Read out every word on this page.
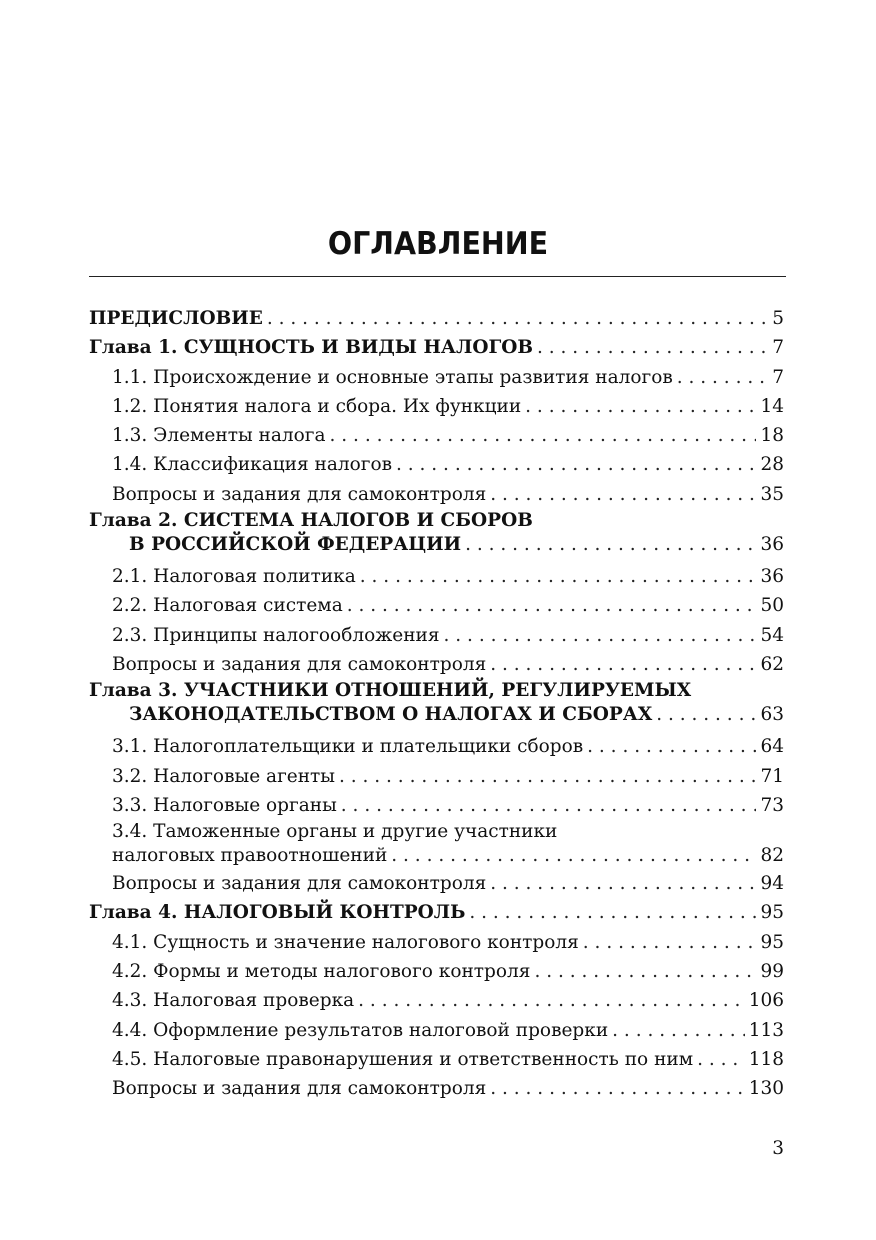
ОГЛАВЛЕНИЕ
ПРЕДИСЛОВИЕ . . .	5
Глава 1. СУЩНОСТЬ И ВИДЫ НАЛОГОВ . . .	7
1.1. Происхождение и основные этапы развития налогов . . .	7
1.2. Понятия налога и сбора. Их функции . . .	14
1.3. Элементы налога . . .	18
1.4. Классификация налогов . . .	28
Вопросы и задания для самоконтроля . . .	35
Глава 2. СИСТЕМА НАЛОГОВ И СБОРОВ
В РОССИЙСКОЙ ФЕДЕРАЦИИ . . .	36
2.1. Налоговая политика . . .	36
2.2. Налоговая система . . .	50
2.3. Принципы налогообложения . . .	54
Вопросы и задания для самоконтроля . . .	62
Глава 3. УЧАСТНИКИ ОТНОШЕНИЙ, РЕГУЛИРУЕМЫХ
ЗАКОНОДАТЕЛЬСТВОМ О НАЛОГАХ И СБОРАХ . . .	63
3.1. Налогоплательщики и плательщики сборов . . .	64
3.2. Налоговые агенты . . .	71
3.3. Налоговые органы . . .	73
3.4. Таможенные органы и другие участники
налоговых правоотношений . . .	82
Вопросы и задания для самоконтроля . . .	94
Глава 4. НАЛОГОВЫЙ КОНТРОЛЬ . . .	95
4.1. Сущность и значение налогового контроля . . .	95
4.2. Формы и методы налогового контроля . . .	99
4.3. Налоговая проверка . . .	106
4.4. Оформление результатов налоговой проверки . . .	113
4.5. Налоговые правонарушения и ответственность по ним . . .	118
Вопросы и задания для самоконтроля . . .	130
3
